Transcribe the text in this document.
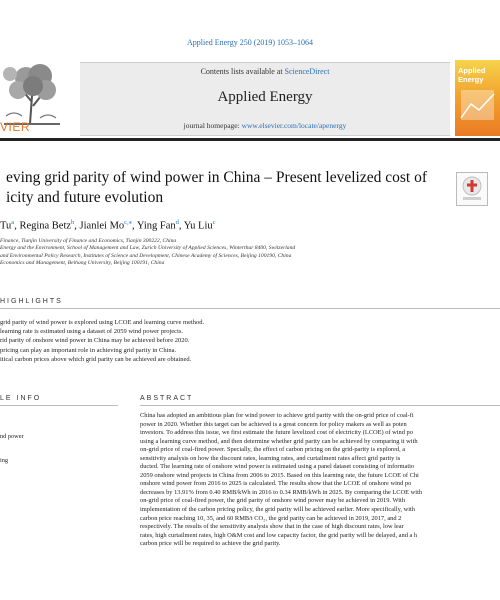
Applied Energy 250 (2019) 1053–1064
VIER
Contents lists available at ScienceDirect
Applied Energy
journal homepage: www.elsevier.com/locate/apenergy
Applied Energy
eving grid parity of wind power in China – Present levelized cost of
icity and future evolution
Tu$^a$, Regina Betz$^b$, Jianlei $Mo^{c,⁎}$, Ying Fan$^d$, Yu Liu$^c$
Finance, Tianjin University of Finance and Economics, Tianjin 300222, China
Energy and the Environment, School of Management and Law, Zurich University of Applied Sciences, Winterthur 8400, Switzerland
and Environmental Policy Research, Institutes of Science and Development, Chinese Academy of Sciences, Beijing 100190, China
Economics and Management, Beihang University, Beijing 100191, China
HIGHLIGHTS
grid parity of wind power is explored using LCOE and learning curve method.
learning rate is estimated using a dataset of 2059 wind power projects.
rid parity of onshore wind power in China may be achieved before 2020.
pricing can play an important role in achieving grid parity in China.
itical carbon prices above which grid parity can be achieved are obtained.
LE INFO	ABSTRACT
nd power
ing
China has adopted an ambitious plan for wind power to achieve grid parity with the on-grid price of coal-fi
power in 2020. Whether this target can be achieved is a great concern for policy makers as well as poten
investors. To address this issue, we first estimate the future levelized cost of electricity (LCOE) of wind po
using a learning curve method, and then determine whether grid parity can be achieved by comparing it with
on-grid price of coal-fired power. Specially, the effect of carbon pricing on the grid-parity is explored, a
sensitivity analysis on how the discount rates, learning rates, and curtailment rates affect grid parity is
ducted. The learning rate of onshore wind power is estimated using a panel dataset consisting of informatio
2059 onshore wind projects in China from 2006 to 2015. Based on this learning rate, the future LCOE of Chi
onshore wind power from 2016 to 2025 is calculated. The results show that the LCOE of onshore wind po
decreases by 13.91% from 0.40 RMB/kWh in 2016 to 0.34 RMB/kWh in 2025. By comparing the LCOE with
on-grid price of coal-fired power, the grid parity of onshore wind power may be achieved in 2019. With
implementation of the carbon pricing policy, the grid parity will be achieved earlier. More specifically, with
carbon price reaching 10, 35, and 60 RMB/t CO₂, the grid parity can be achieved in 2019, 2017, and 2
respectively. The results of the sensitivity analysis show that in the case of high discount rates, low lear
rates, high curtailment rates, high O&M cost and low capacity factor, the grid parity will be delayed, and a h
carbon price will be required to achieve the grid parity.
